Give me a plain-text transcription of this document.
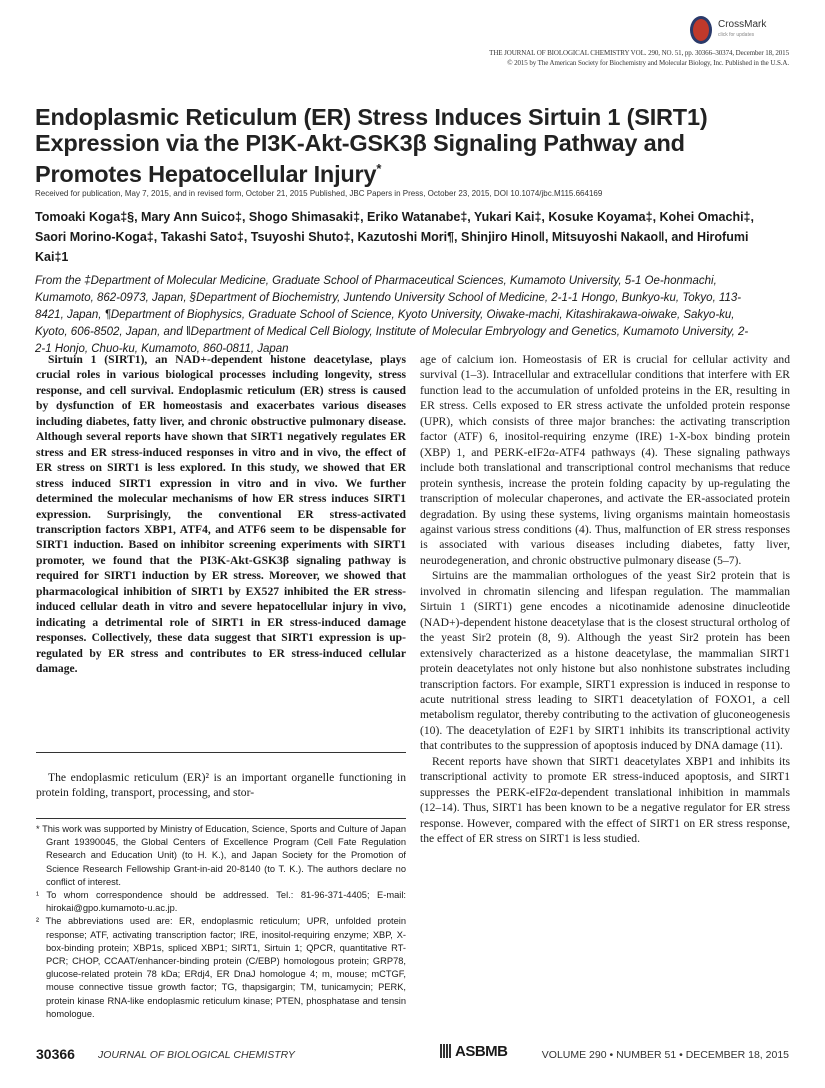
CrossMark
click for updates
THE JOURNAL OF BIOLOGICAL CHEMISTRY VOL. 290, NO. 51, pp. 30366–30374, December 18, 2015
© 2015 by The American Society for Biochemistry and Molecular Biology, Inc. Published in the U.S.A.
Endoplasmic Reticulum (ER) Stress Induces Sirtuin 1 (SIRT1) Expression via the PI3K-Akt-GSK3β Signaling Pathway and Promotes Hepatocellular Injury*
Received for publication, May 7, 2015, and in revised form, October 21, 2015 Published, JBC Papers in Press, October 23, 2015, DOI 10.1074/jbc.M115.664169
Tomoaki Koga‡§, Mary Ann Suico‡, Shogo Shimasaki‡, Eriko Watanabe‡, Yukari Kai‡, Kosuke Koyama‡, Kohei Omachi‡, Saori Morino-Koga‡, Takashi Sato‡, Tsuyoshi Shuto‡, Kazutoshi Mori¶, Shinjiro Hino‖, Mitsuyoshi Nakao‖, and Hirofumi Kai‡1
From the ‡Department of Molecular Medicine, Graduate School of Pharmaceutical Sciences, Kumamoto University, 5-1 Oe-honmachi, Kumamoto, 862-0973, Japan, §Department of Biochemistry, Juntendo University School of Medicine, 2-1-1 Hongo, Bunkyo-ku, Tokyo, 113-8421, Japan, ¶Department of Biophysics, Graduate School of Science, Kyoto University, Oiwake-machi, Kitashirakawa-oiwake, Sakyo-ku, Kyoto, 606-8502, Japan, and ‖Department of Medical Cell Biology, Institute of Molecular Embryology and Genetics, Kumamoto University, 2-2-1 Honjo, Chuo-ku, Kumamoto, 860-0811, Japan

Sirtuin 1 (SIRT1), an NAD+-dependent histone deacetylase, plays crucial roles in various biological processes including longevity, stress response, and cell survival. Endoplasmic reticulum (ER) stress is caused by dysfunction of ER homeostasis and exacerbates various diseases including diabetes, fatty liver, and chronic obstructive pulmonary disease. Although several reports have shown that SIRT1 negatively regulates ER stress and ER stress-induced responses in vitro and in vivo, the effect of ER stress on SIRT1 is less explored. In this study, we showed that ER stress induced SIRT1 expression in vitro and in vivo. We further determined the molecular mechanisms of how ER stress induces SIRT1 expression. Surprisingly, the conventional ER stress-activated transcription factors XBP1, ATF4, and ATF6 seem to be dispensable for SIRT1 induction. Based on inhibitor screening experiments with SIRT1 promoter, we found that the PI3K-Akt-GSK3β signaling pathway is required for SIRT1 induction by ER stress. Moreover, we showed that pharmacological inhibition of SIRT1 by EX527 inhibited the ER stress-induced cellular death in vitro and severe hepatocellular injury in vivo, indicating a detrimental role of SIRT1 in ER stress-induced damage responses. Collectively, these data suggest that SIRT1 expression is up-regulated by ER stress and contributes to ER stress-induced cellular damage.

The endoplasmic reticulum (ER)² is an important organelle functioning in protein folding, transport, processing, and stor-

* This work was supported by Ministry of Education, Science, Sports and Culture of Japan Grant 19390045, the Global Centers of Excellence Program (Cell Fate Regulation Research and Education Unit) (to H. K.), and Japan Society for the Promotion of Science Research Fellowship Grant-in-aid 20-8140 (to T. K.). The authors declare no conflict of interest.

¹ To whom correspondence should be addressed. Tel.: 81-96-371-4405; E-mail: hirokai@gpo.kumamoto-u.ac.jp.

² The abbreviations used are: ER, endoplasmic reticulum; UPR, unfolded protein response; ATF, activating transcription factor; IRE, inositol-requiring enzyme; XBP, X-box-binding protein; XBP1s, spliced XBP1; SIRT1, Sirtuin 1; QPCR, quantitative RT-PCR; CHOP, CCAAT/enhancer-binding protein (C/EBP) homologous protein; GRP78, glucose-related protein 78 kDa; ERdj4, ER DnaJ homologue 4; m, mouse; mCTGF, mouse connective tissue growth factor; TG, thapsigargin; TM, tunicamycin; PERK, protein kinase RNA-like endoplasmic reticulum kinase; PTEN, phosphatase and tensin homologue.

age of calcium ion. Homeostasis of ER is crucial for cellular activity and survival (1–3). Intracellular and extracellular conditions that interfere with ER function lead to the accumulation of unfolded proteins in the ER, resulting in ER stress. Cells exposed to ER stress activate the unfolded protein response (UPR), which consists of three major branches: the activating transcription factor (ATF) 6, inositol-requiring enzyme (IRE) 1-X-box binding protein (XBP) 1, and PERK-eIF2α-ATF4 pathways (4). These signaling pathways include both translational and transcriptional control mechanisms that reduce protein synthesis, increase the protein folding capacity by up-regulating the transcription of molecular chaperones, and activate the ER-associated protein degradation. By using these systems, living organisms maintain homeostasis against various stress conditions (4). Thus, malfunction of ER stress responses is associated with various diseases including diabetes, fatty liver, neurodegeneration, and chronic obstructive pulmonary disease (5–7).

Sirtuins are the mammalian orthologues of the yeast Sir2 protein that is involved in chromatin silencing and lifespan regulation. The mammalian Sirtuin 1 (SIRT1) gene encodes a nicotinamide adenosine dinucleotide (NAD+)-dependent histone deacetylase that is the closest structural ortholog of the yeast Sir2 protein (8, 9). Although the yeast Sir2 protein has been extensively characterized as a histone deacetylase, the mammalian SIRT1 protein deacetylates not only histone but also nonhistone substrates including transcription factors. For example, SIRT1 expression is induced in response to acute nutritional stress leading to SIRT1 deacetylation of FOXO1, a cell metabolism regulator, thereby contributing to the activation of gluconeogenesis (10). The deacetylation of E2F1 by SIRT1 inhibits its transcriptional activity that contributes to the suppression of apoptosis induced by DNA damage (11).

Recent reports have shown that SIRT1 deacetylates XBP1 and inhibits its transcriptional activity to promote ER stress-induced apoptosis, and SIRT1 suppresses the PERK-eIF2α-dependent translational inhibition in mammals (12–14). Thus, SIRT1 has been known to be a negative regulator for ER stress response. However, compared with the effect of SIRT1 on ER stress response, the effect of ER stress on SIRT1 is less studied.

30366 JOURNAL OF BIOLOGICAL CHEMISTRY	ASBMB	VOLUME 290 • NUMBER 51 • DECEMBER 18, 2015
